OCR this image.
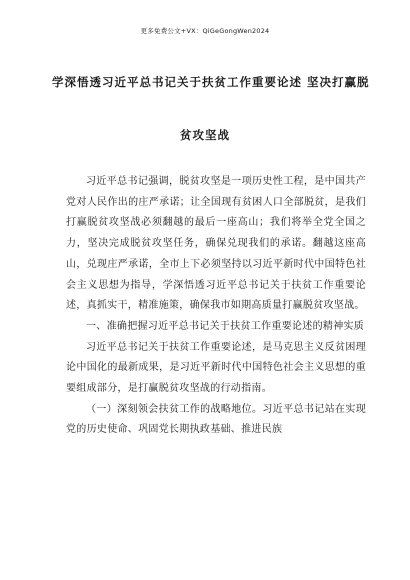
更多免费公文+VX：QiGeGongWen2024
学深悟透习近平总书记关于扶贫工作重要论述 坚决打赢脱
贫攻坚战

习近平总书记强调，脱贫攻坚是一项历史性工程，是中国共产党对人民作出的庄严承诺；让全国现有贫困人口全部脱贫，是我们打赢脱贫攻坚战必须翻越的最后一座高山；我们将举全党全国之力，坚决完成脱贫攻坚任务，确保兑现我们的承诺。翻越这座高山，兑现庄严承诺，全市上下必须坚持以习近平新时代中国特色社会主义思想为指导，学深悟透习近平总书记关于扶贫工作重要论述，真抓实干，精准施策，确保我市如期高质量打赢脱贫攻坚战。

一、准确把握习近平总书记关于扶贫工作重要论述的精神实质

习近平总书记关于扶贫工作重要论述，是马克思主义反贫困理论中国化的最新成果，是习近平新时代中国特色社会主义思想的重要组成部分，是打赢脱贫攻坚战的行动指南。

（一）深刻领会扶贫工作的战略地位。习近平总书记站在实现党的历史使命、巩固党长期执政基础、推进民族
